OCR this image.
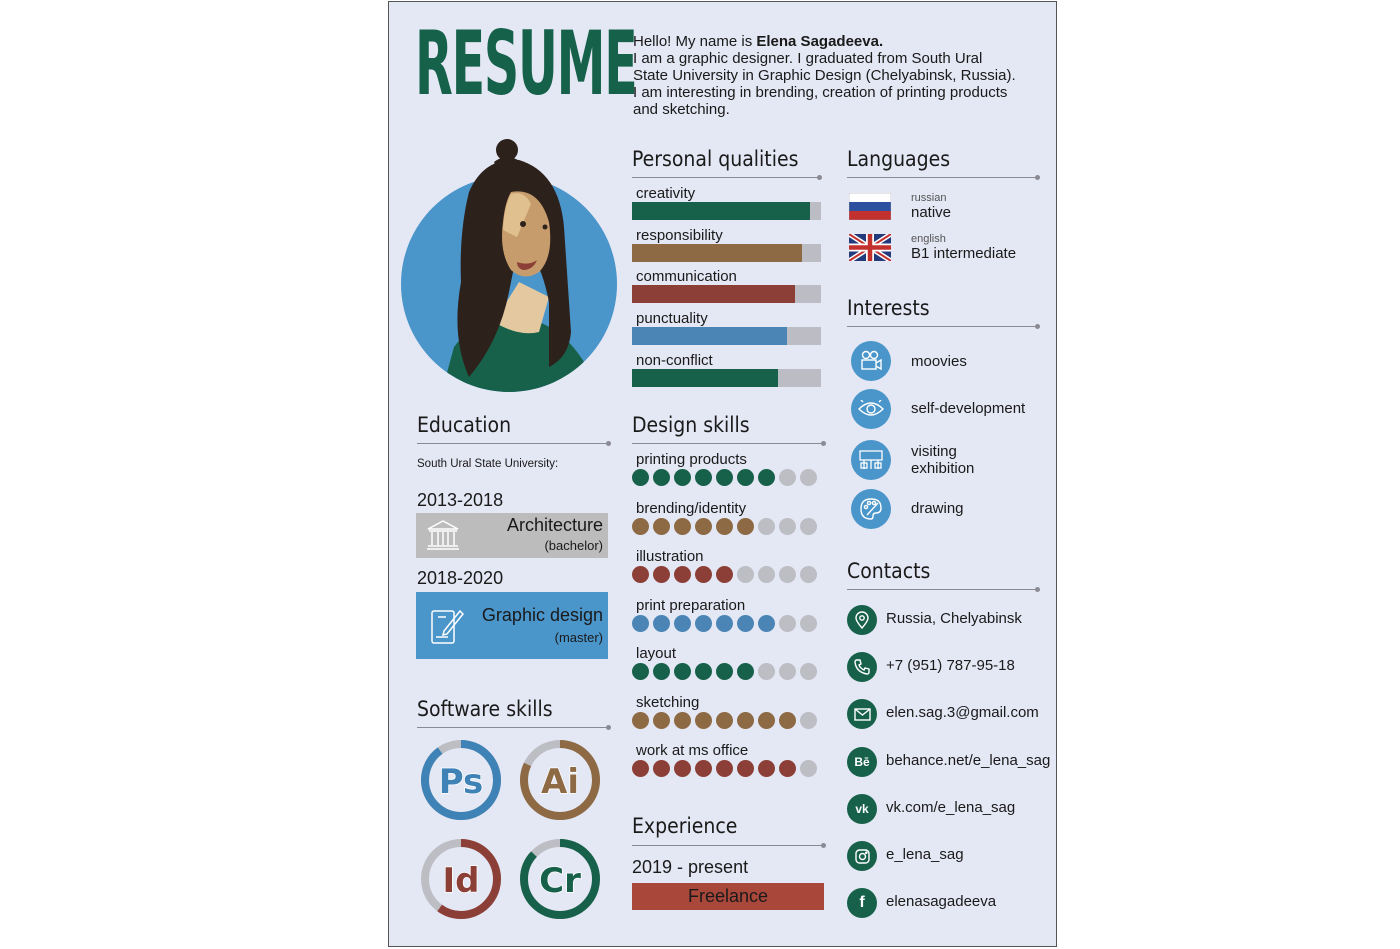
RESUME
Hello! My name is Elena Sagadeeva.
I am a graphic designer. I graduated from South Ural
State University in Graphic Design (Chelyabinsk, Russia).
I am interesting in brending, creation of printing products
and sketching.
Personal qualities
creativity
responsibility
communication
punctuality
non-conflict
Languages
russian
native
english
B1 intermediate
Interests
moovies
self-development
visiting
exhibition
drawing
Education
South Ural State University:
2013-2018
Architecture
(bachelor)
2018-2020
Graphic design
(master)
Design skills
printing products
brending/identity
illustration
print preparation
layout
sketching
work at ms office
Software skills
Ps Ai
Id Cr
Experience
2019 - present
Freelance
Contacts
Russia, Chelyabinsk
+7 (951) 787-95-18
elen.sag.3@gmail.com
Bē behance.net/e_lena_sag
vk vk.com/e_lena_sag
e_lena_sag
f elenasagadeeva
